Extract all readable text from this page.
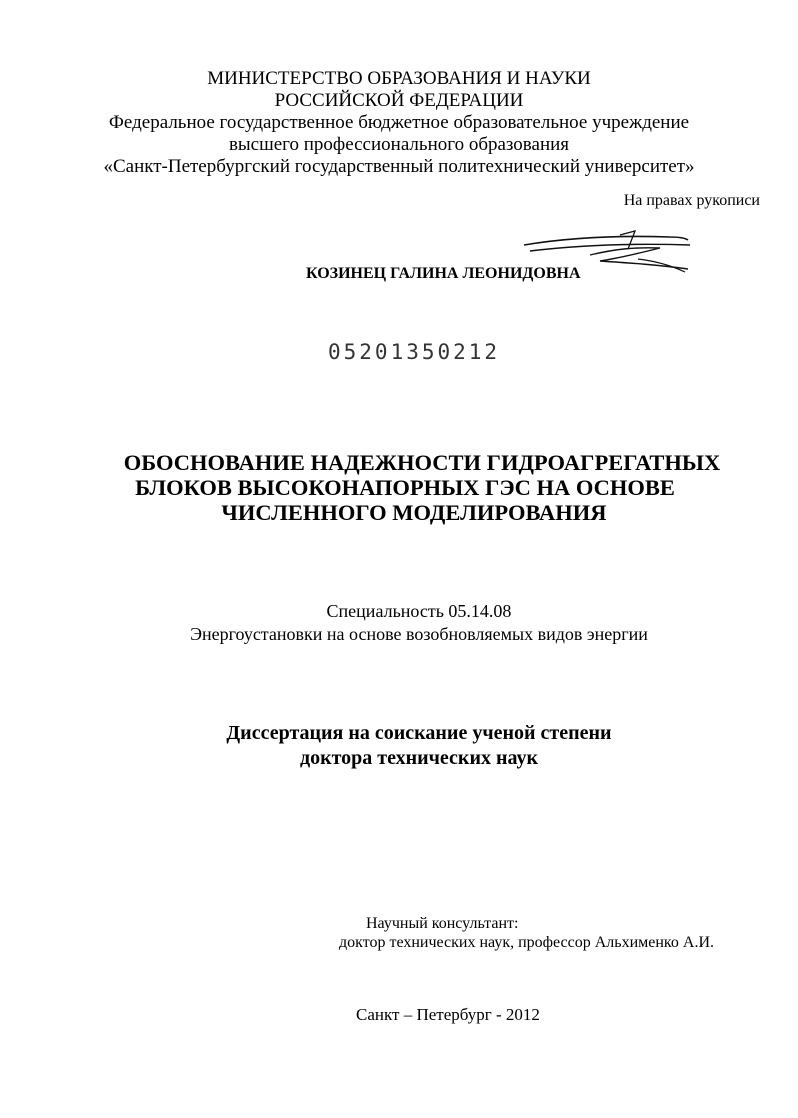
МИНИСТЕРСТВО ОБРАЗОВАНИЯ И НАУКИ
РОССИЙСКОЙ ФЕДЕРАЦИИ
Федеральное государственное бюджетное образовательное учреждение
высшего профессионального образования
«Санкт-Петербургский государственный политехнический университет»
На правах рукописи
КОЗИНЕЦ ГАЛИНА ЛЕОНИДОВНА
05201350212
ОБОСНОВАНИЕ НАДЕЖНОСТИ ГИДРОАГРЕГАТНЫХ
БЛОКОВ ВЫСОКОНАПОРНЫХ ГЭС НА ОСНОВЕ
ЧИСЛЕННОГО МОДЕЛИРОВАНИЯ
Специальность 05.14.08
Энергоустановки на основе возобновляемых видов энергии
Диссертация на соискание ученой степени
доктора технических наук
Научный консультант:
доктор технических наук, профессор Альхименко А.И.
Санкт – Петербург - 2012
